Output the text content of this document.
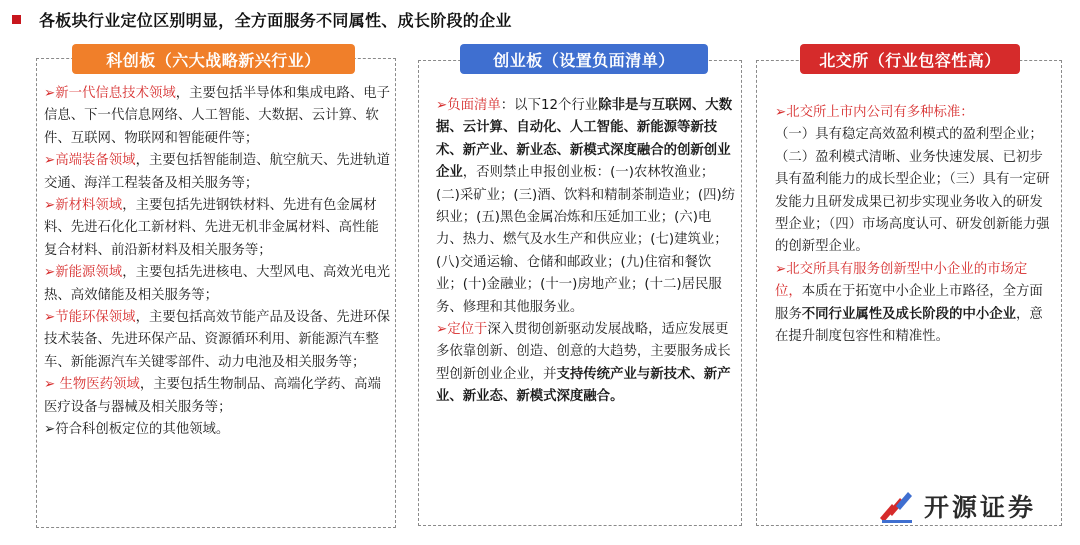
各板块行业定位区别明显，全方面服务不同属性、成长阶段的企业
科创板（六大战略新兴行业）	创业板（设置负面清单）	北交所（行业包容性高）
➢新一代信息技术领域，主要包括半导体和集成电路、电子信息、下一代信息网络、人工智能、大数据、云计算、软件、互联网、物联网和智能硬件等；
➢高端装备领域，主要包括智能制造、航空航天、先进轨道交通、海洋工程装备及相关服务等；
➢新材料领域，主要包括先进钢铁材料、先进有色金属材料、先进石化化工新材料、先进无机非金属材料、高性能复合材料、前沿新材料及相关服务等；
➢新能源领域，主要包括先进核电、大型风电、高效光电光热、高效储能及相关服务等；
➢节能环保领域，主要包括高效节能产品及设备、先进环保技术装备、先进环保产品、资源循环利用、新能源汽车整车、新能源汽车关键零部件、动力电池及相关服务等；
➢ 生物医药领域，主要包括生物制品、高端化学药、高端医疗设备与器械及相关服务等；
➢符合科创板定位的其他领域。
➢负面清单：以下12个行业除非是与互联网、大数据、云计算、自动化、人工智能、新能源等新技术、新产业、新业态、新模式深度融合的创新创业企业，否则禁止申报创业板：(一)农林牧渔业；(二)采矿业；(三)酒、饮料和精制茶制造业；(四)纺织业；(五)黑色金属冶炼和压延加工业；(六)电力、热力、燃气及水生产和供应业；(七)建筑业；(八)交通运输、仓储和邮政业；(九)住宿和餐饮业；(十)金融业；(十一)房地产业；(十二)居民服务、修理和其他服务业。
➢定位于深入贯彻创新驱动发展战略，适应发展更多依靠创新、创造、创意的大趋势，主要服务成长型创新创业企业，并支持传统产业与新技术、新产业、新业态、新模式深度融合。
➢北交所上市内公司有多种标准：
（一）具有稳定高效盈利模式的盈利型企业；（二）盈利模式清晰、业务快速发展、已初步具有盈利能力的成长型企业；（三）具有一定研发能力且研发成果已初步实现业务收入的研发型企业；（四）市场高度认可、研发创新能力强的创新型企业。
➢北交所具有服务创新型中小企业的市场定位，本质在于拓宽中小企业上市路径，全方面服务不同行业属性及成长阶段的中小企业，意在提升制度包容性和精准性。
开源证券
